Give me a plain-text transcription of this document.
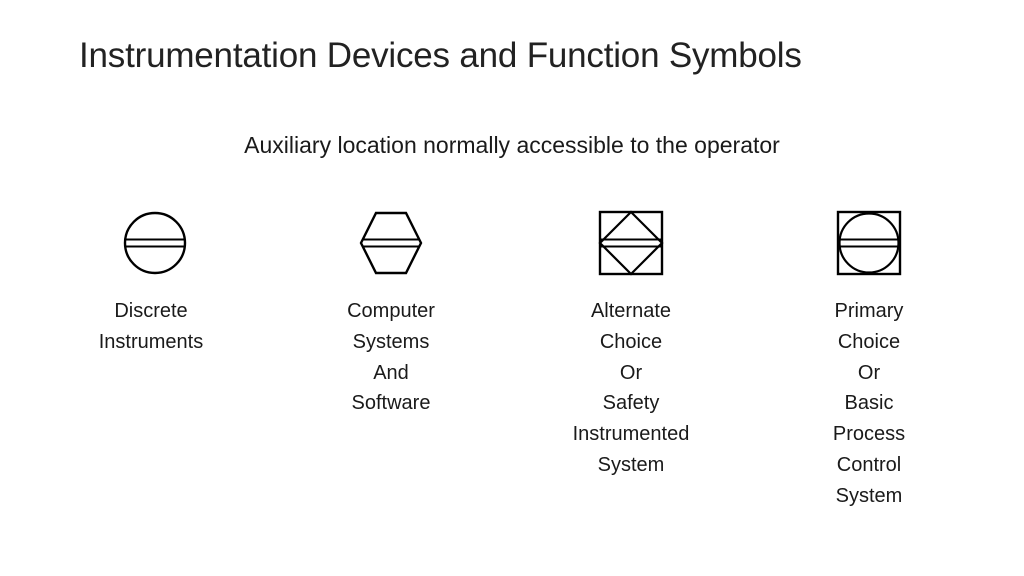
Instrumentation Devices and Function Symbols
Auxiliary location normally accessible to the operator
Discrete
Instruments
Computer
Systems
And
Software
Alternate
Choice
Or
Safety
Instrumented
System
Primary
Choice
Or
Basic
Process
Control
System
